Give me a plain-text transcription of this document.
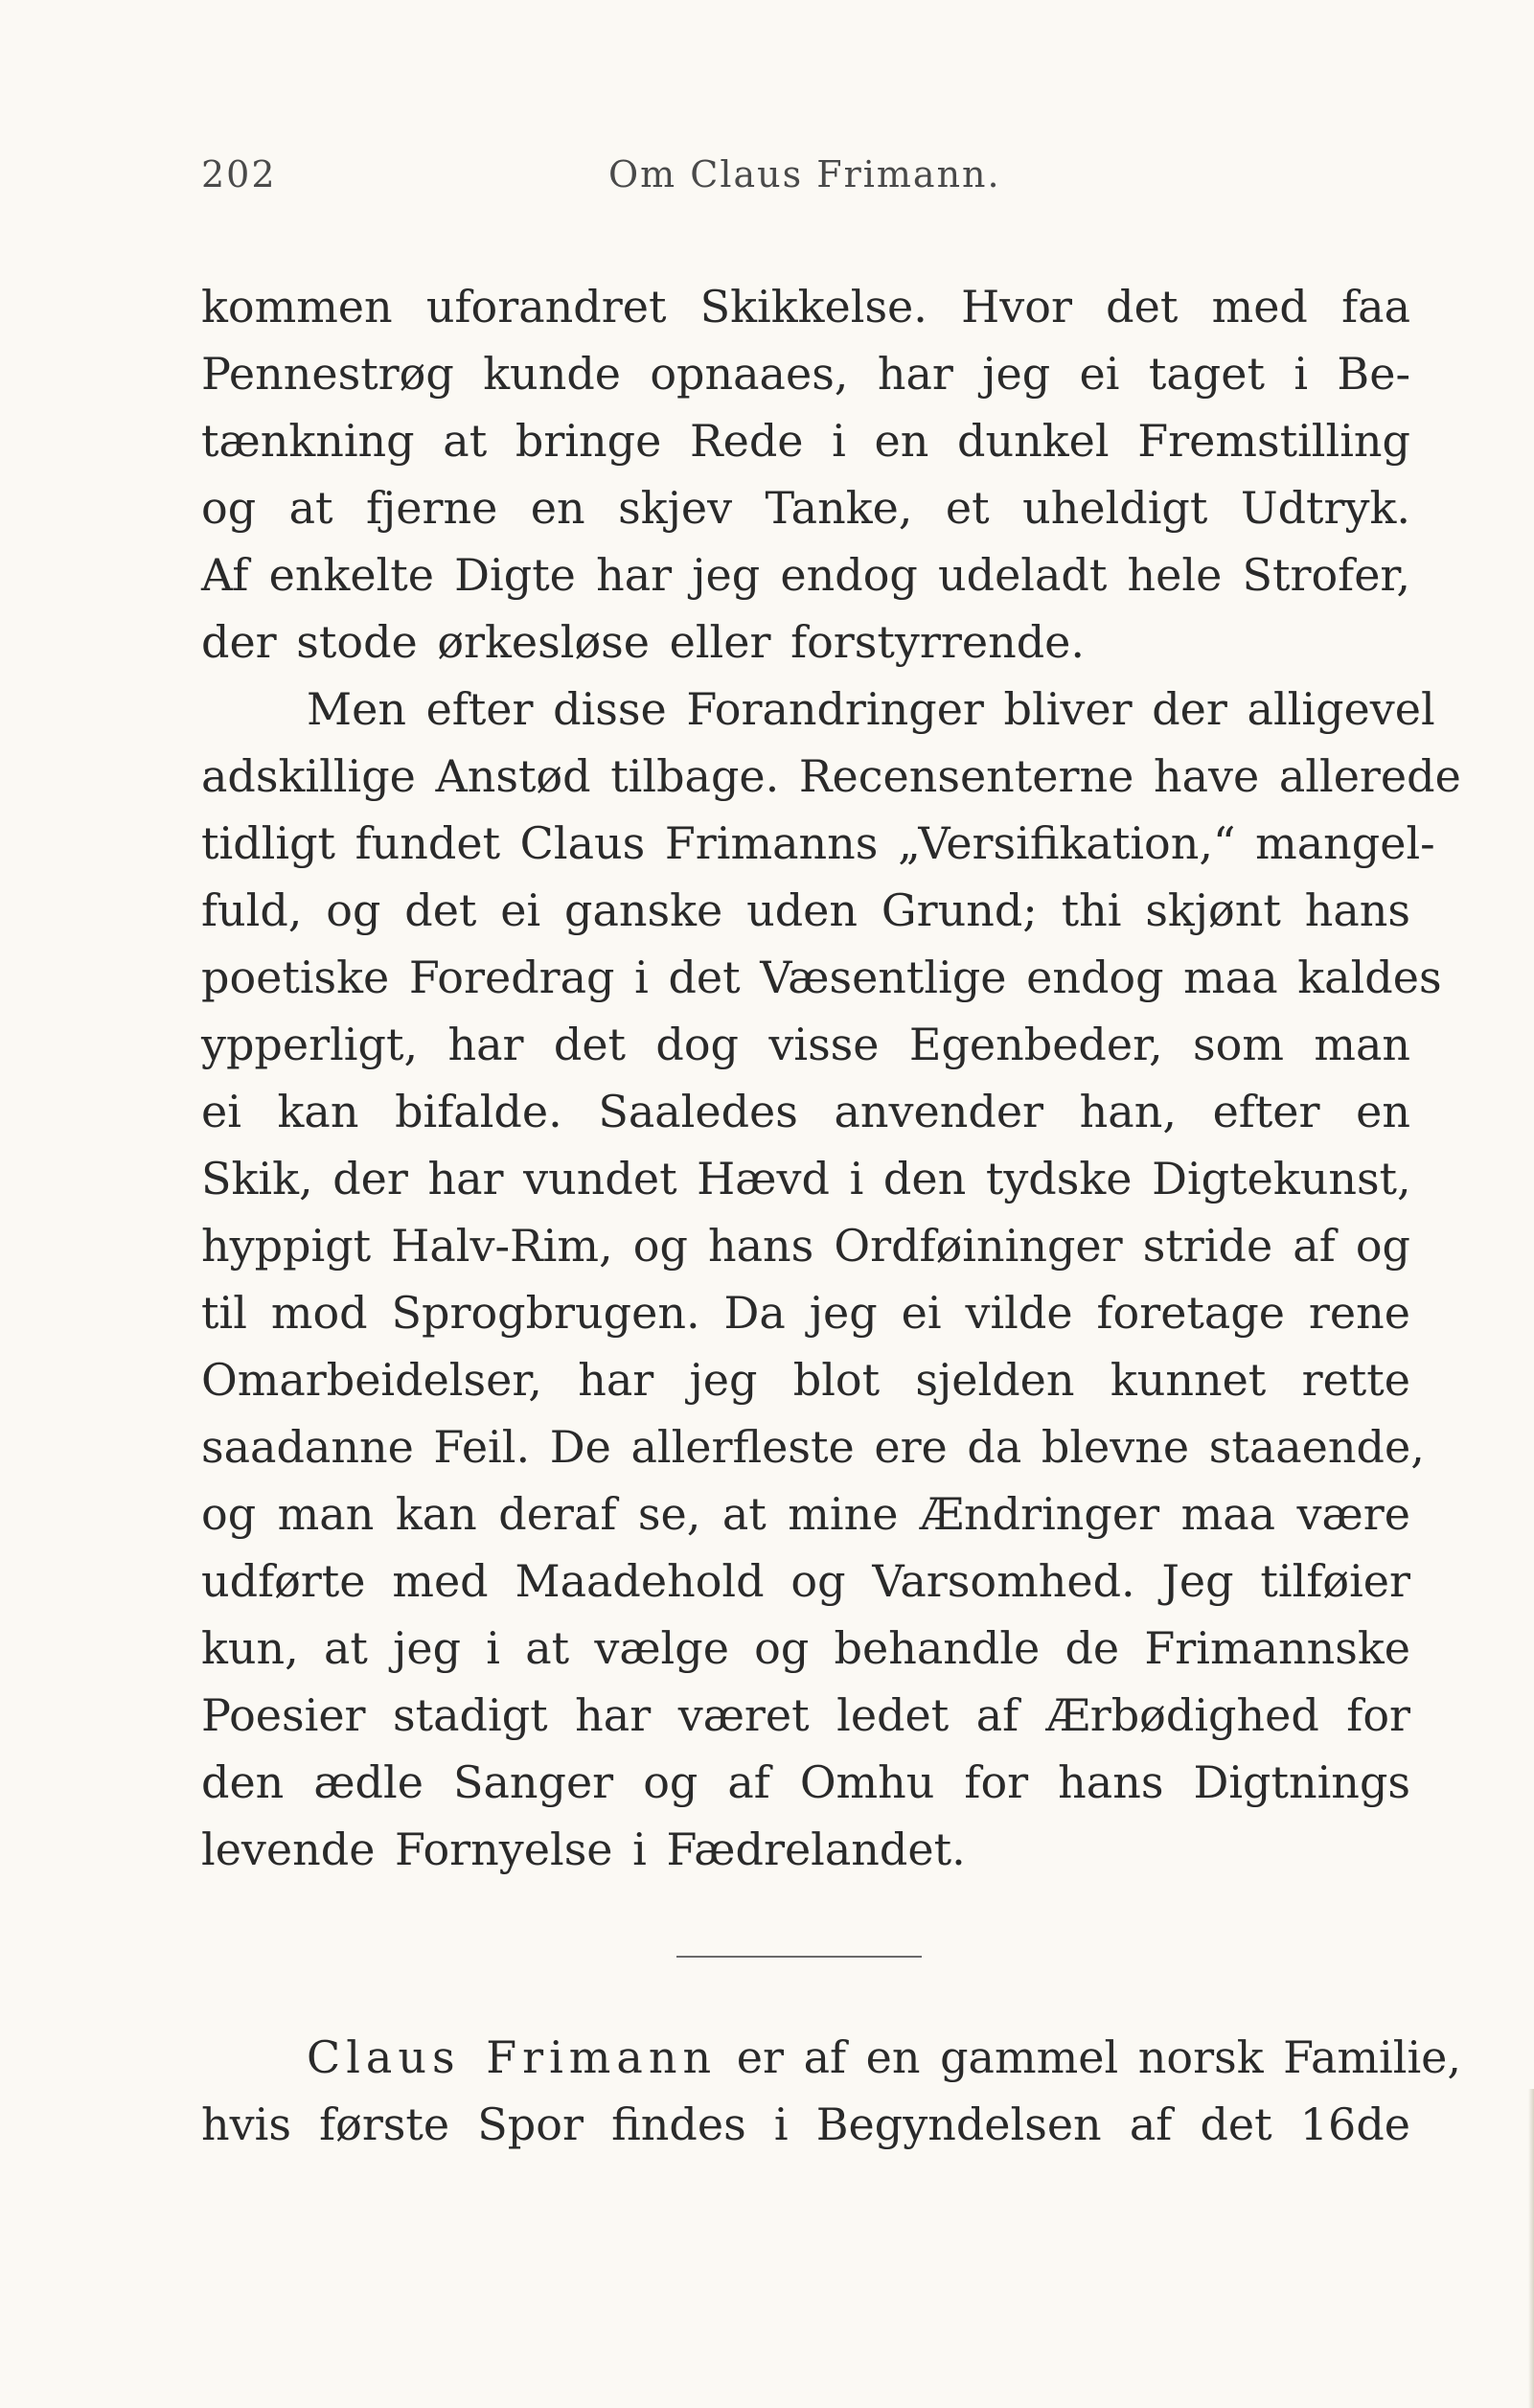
202	Om Claus Frimann.
kommen uforandret Skikkelse. Hvor det med faa
Pennestrøg kunde opnaaes, har jeg ei taget i Be-
tænkning at bringe Rede i en dunkel Fremstilling
og at fjerne en skjev Tanke, et uheldigt Udtryk.
Af enkelte Digte har jeg endog udeladt hele Strofer,
der stode ørkesløse eller forstyrrende.
Men efter disse Forandringer bliver der alligevel
adskillige Anstød tilbage. Recensenterne have allerede
tidligt fundet Claus Frimanns „Versifikation,“ mangel-
fuld, og det ei ganske uden Grund; thi skjønt hans
poetiske Foredrag i det Væsentlige endog maa kaldes
ypperligt, har det dog visse Egenbeder, som man
ei kan bifalde. Saaledes anvender han, efter en
Skik, der har vundet Hævd i den tydske Digtekunst,
hyppigt Halv-Rim, og hans Ordføininger stride af og
til mod Sprogbrugen. Da jeg ei vilde foretage rene
Omarbeidelser, har jeg blot sjelden kunnet rette
saadanne Feil. De allerfleste ere da blevne staaende,
og man kan deraf se, at mine Ændringer maa være
udførte med Maadehold og Varsomhed. Jeg tilføier
kun, at jeg i at vælge og behandle de Frimannske
Poesier stadigt har været ledet af Ærbødighed for
den ædle Sanger og af Omhu for hans Digtnings
levende Fornyelse i Fædrelandet.
Claus Frimann er af en gammel norsk Familie,
hvis første Spor findes i Begyndelsen af det 16de
